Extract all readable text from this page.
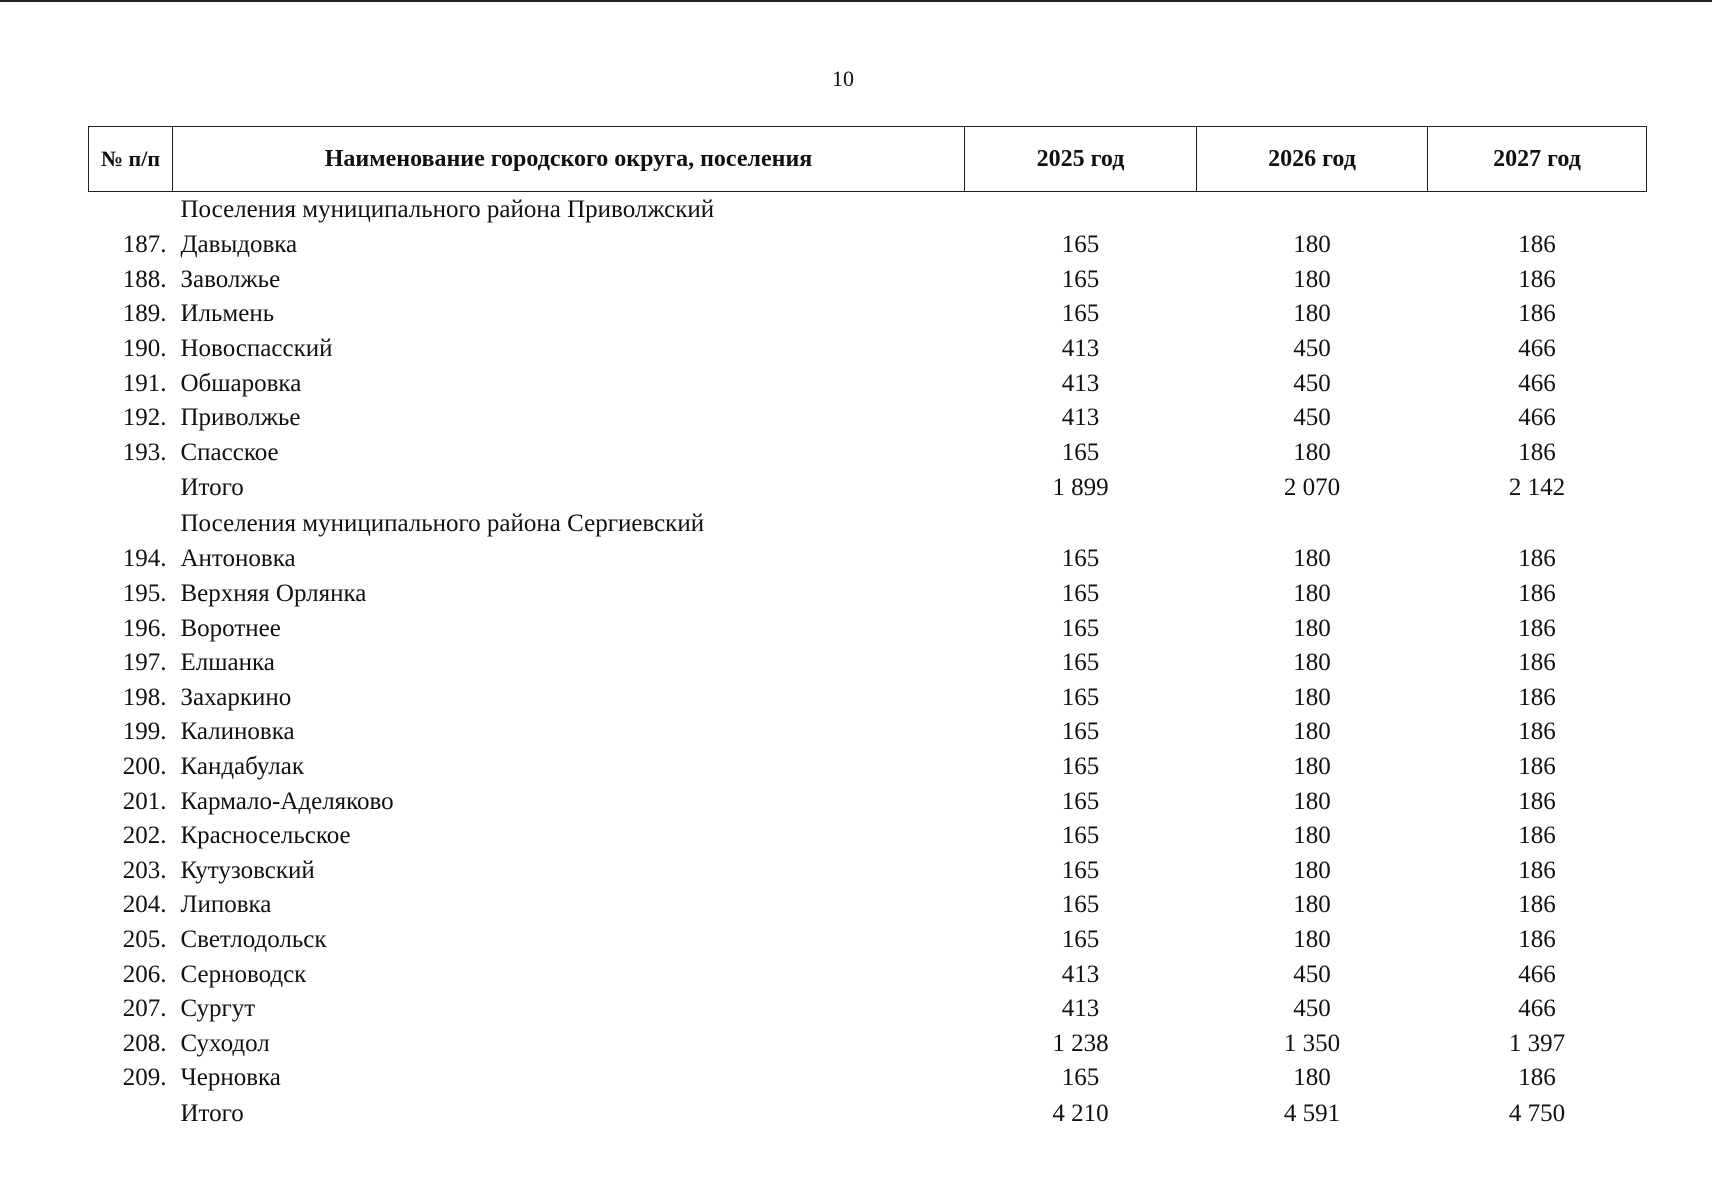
10
№ п/п	Наименование городского округа, поселения	2025 год	2026 год	2027 год
	Поселения муниципального района Приволжский			
187.	Давыдовка	165	180	186
188.	Заволжье	165	180	186
189.	Ильмень	165	180	186
190.	Новоспасский	413	450	466
191.	Обшаровка	413	450	466
192.	Приволжье	413	450	466
193.	Спасское	165	180	186
	Итого	1 899	2 070	2 142
	Поселения муниципального района Сергиевский			
194.	Антоновка	165	180	186
195.	Верхняя Орлянка	165	180	186
196.	Воротнее	165	180	186
197.	Елшанка	165	180	186
198.	Захаркино	165	180	186
199.	Калиновка	165	180	186
200.	Кандабулак	165	180	186
201.	Кармало-Аделяково	165	180	186
202.	Красносельское	165	180	186
203.	Кутузовский	165	180	186
204.	Липовка	165	180	186
205.	Светлодольск	165	180	186
206.	Серноводск	413	450	466
207.	Сургут	413	450	466
208.	Суходол	1 238	1 350	1 397
209.	Черновка	165	180	186
	Итого	4 210	4 591	4 750
